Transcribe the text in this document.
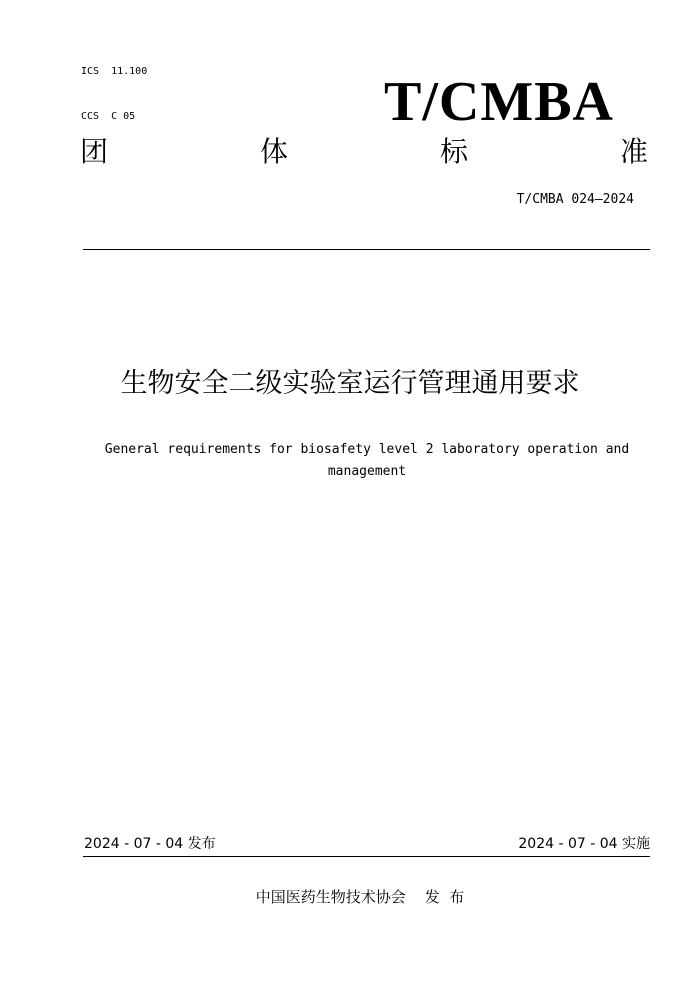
ICS  11.100

CCS  C 05	T/CMBA
团	体	标	准
T/CMBA 024—2024
生物安全二级实验室运行管理通用要求
General requirements for biosafety level 2 laboratory operation and management
2024 - 07 - 04 发布	2024 - 07 - 04 实施
中国医药生物技术协会    发  布
